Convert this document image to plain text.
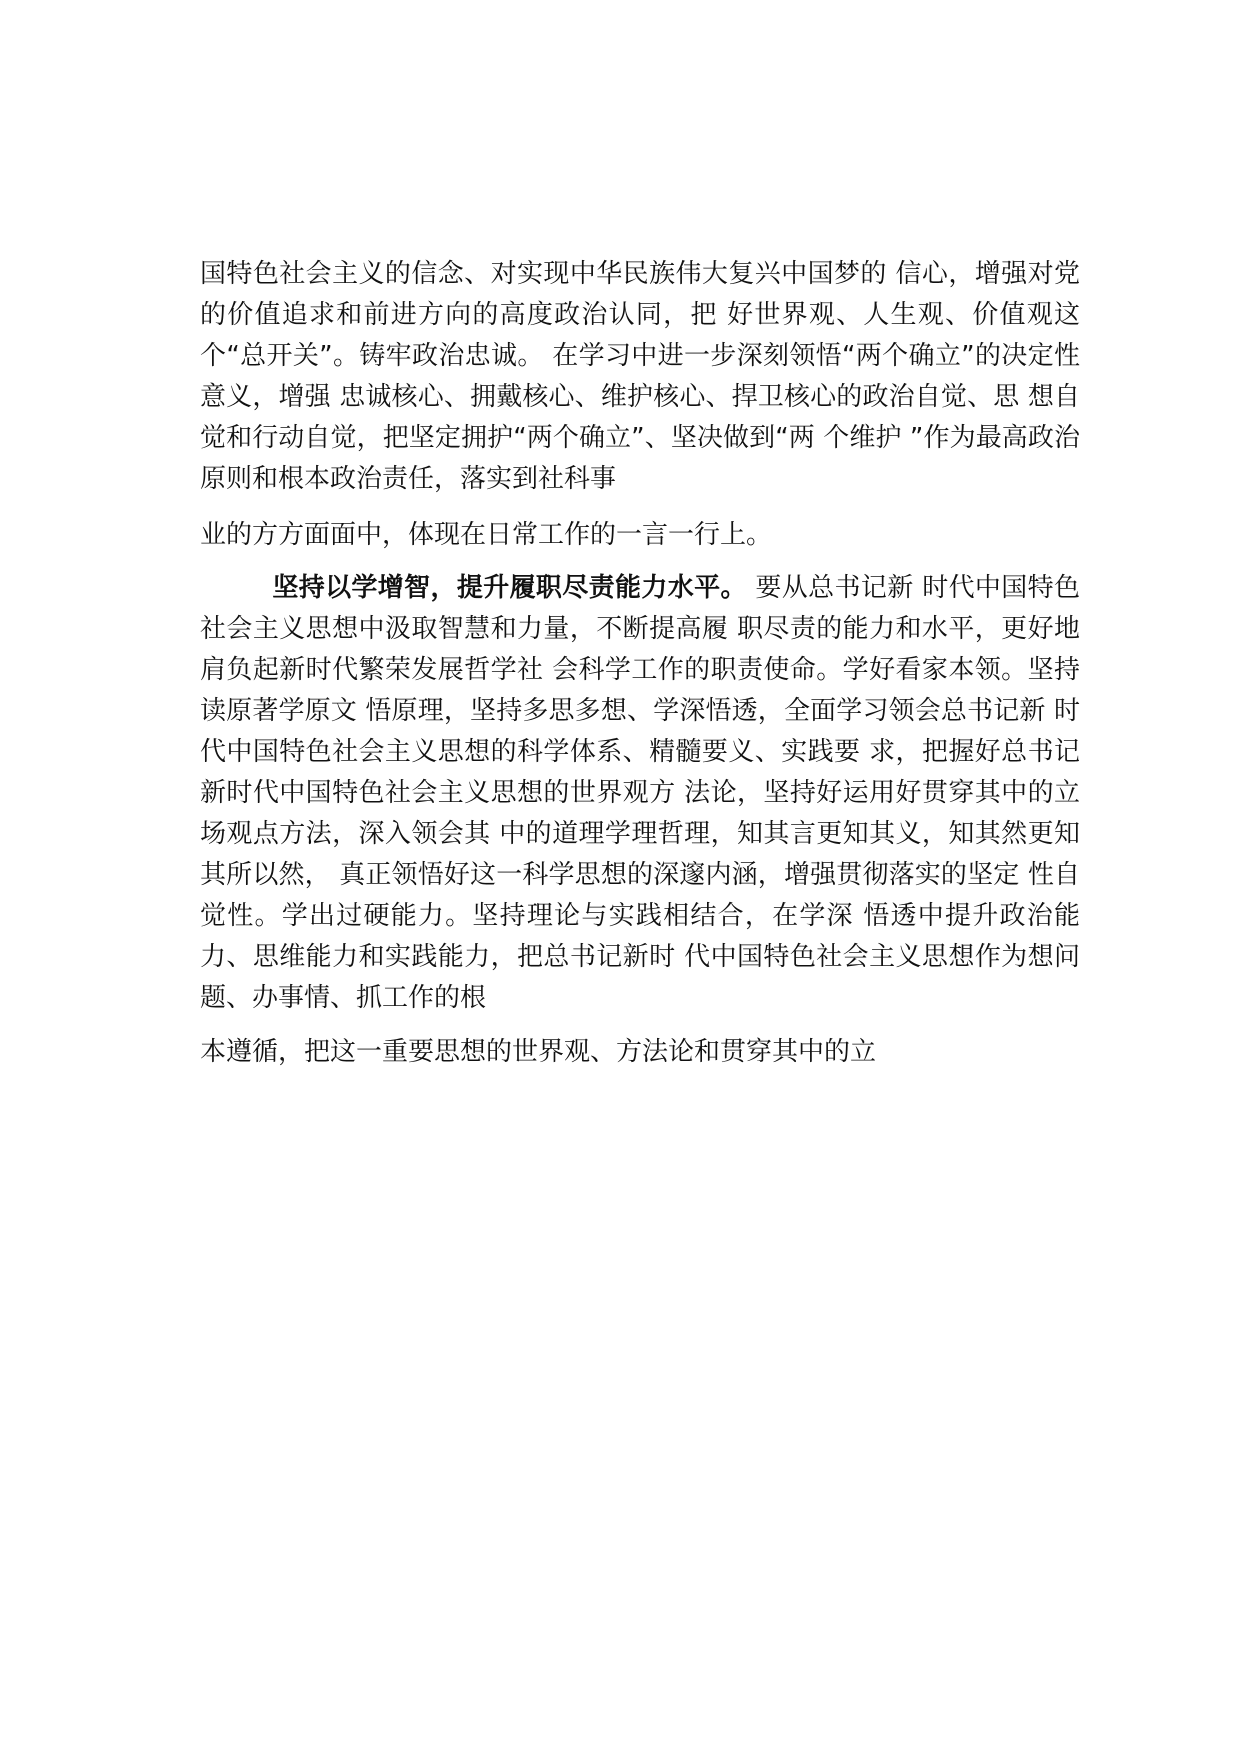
国特色社会主义的信念、对实现中华民族伟大复兴中国梦的 信心，增强对党的价值追求和前进方向的高度政治认同，把 好世界观、人生观、价值观这个“总开关”。铸牢政治忠诚。 在学习中进一步深刻领悟“两个确立”的决定性意义，增强 忠诚核心、拥戴核心、维护核心、捍卫核心的政治自觉、思 想自觉和行动自觉，把坚定拥护“两个确立”、坚决做到“两 个维护 ”作为最高政治原则和根本政治责任，落实到社科事

业的方方面面中，体现在日常工作的一言一行上。

坚持以学增智，提升履职尽责能力水平。 要从总书记新 时代中国特色社会主义思想中汲取智慧和力量，不断提高履 职尽责的能力和水平，更好地肩负起新时代繁荣发展哲学社 会科学工作的职责使命。学好看家本领。坚持读原著学原文 悟原理，坚持多思多想、学深悟透，全面学习领会总书记新 时代中国特色社会主义思想的科学体系、精髓要义、实践要 求，把握好总书记新时代中国特色社会主义思想的世界观方 法论，坚持好运用好贯穿其中的立场观点方法，深入领会其 中的道理学理哲理，知其言更知其义，知其然更知其所以然， 真正领悟好这一科学思想的深邃内涵，增强贯彻落实的坚定 性自觉性。学出过硬能力。坚持理论与实践相结合，在学深 悟透中提升政治能力、思维能力和实践能力，把总书记新时 代中国特色社会主义思想作为想问题、办事情、抓工作的根

本遵循，把这一重要思想的世界观、方法论和贯穿其中的立
